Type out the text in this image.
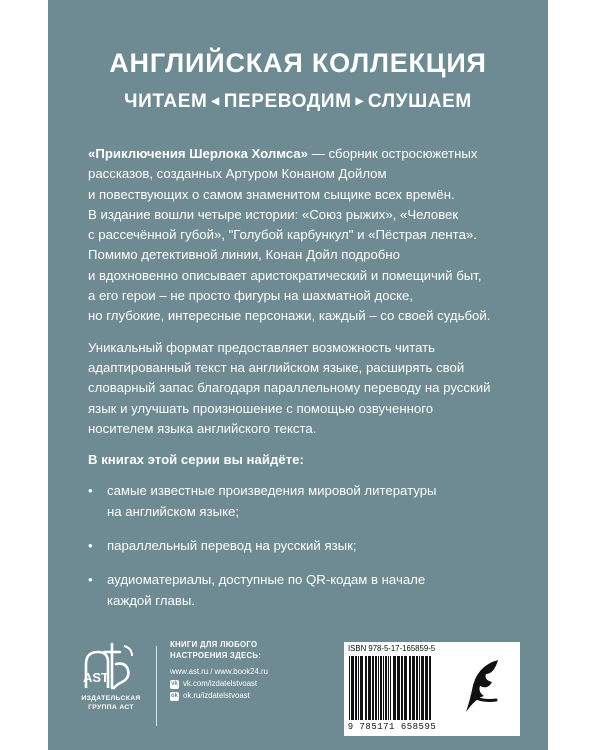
АНГЛИЙСКАЯ КОЛЛЕКЦИЯ
ЧИТАЕМ ◀ ПЕРЕВОДИМ ▶ СЛУШАЕМ

«Приключения Шерлока Холмса» — сборник остросюжетных
рассказов, созданных Артуром Конаном Дойлом
и повествующих о самом знаменитом сыщике всех времён.
В издание вошли четыре истории: «Союз рыжих», «Человек
с рассечённой губой», "Голубой карбункул" и «Пёстрая лента».
Помимо детективной линии, Конан Дойл подробно
и вдохновенно описывает аристократический и помещичий быт,
а его герои – не просто фигуры на шахматной доске,
но глубокие, интересные персонажи, каждый – со своей судьбой.

Уникальный формат предоставляет возможность читать
адаптированный текст на английском языке, расширять свой
словарный запас благодаря параллельному переводу на русский
язык и улучшать произношение с помощью озвученного
носителем языка английского текста.

В книгах этой серии вы найдёте:

• самые известные произведения мировой литературы
на английском языке;
• параллельный перевод на русский язык;
• аудиоматериалы, доступные по QR-кодам в начале
каждой главы.
AST
ИЗДАТЕЛЬСКАЯ
ГРУППА АСТ
КНИГИ ДЛЯ ЛЮБОГО
НАСТРОЕНИЯ ЗДЕСЬ:
www.ast.ru / www.book24.ru
vk vk.com/izdatelstvoast
ok ok.ru/izdatelstvoast
ISBN 978-5-17-165859-5
9 785171 658595
